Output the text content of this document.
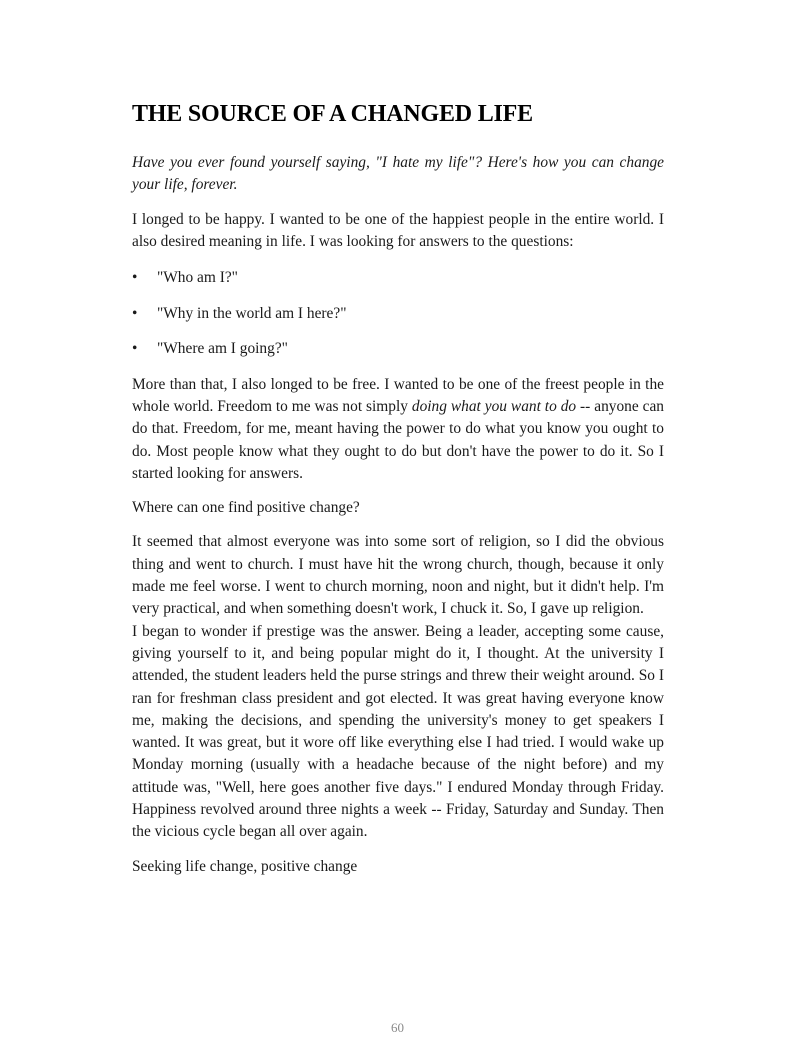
THE SOURCE OF A CHANGED LIFE

Have you ever found yourself saying, "I hate my life"? Here's how you can change your life, forever.

I longed to be happy. I wanted to be one of the happiest people in the entire world. I also desired meaning in life. I was looking for answers to the questions:

• "Who am I?"
• "Why in the world am I here?"
• "Where am I going?"

More than that, I also longed to be free. I wanted to be one of the freest people in the whole world. Freedom to me was not simply doing what you want to do -- anyone can do that. Freedom, for me, meant having the power to do what you know you ought to do. Most people know what they ought to do but don't have the power to do it. So I started looking for answers.

Where can one find positive change?

It seemed that almost everyone was into some sort of religion, so I did the obvious thing and went to church. I must have hit the wrong church, though, because it only made me feel worse. I went to church morning, noon and night, but it didn't help. I'm very practical, and when something doesn't work, I chuck it. So, I gave up religion.

I began to wonder if prestige was the answer. Being a leader, accepting some cause, giving yourself to it, and being popular might do it, I thought. At the university I attended, the student leaders held the purse strings and threw their weight around. So I ran for freshman class president and got elected. It was great having everyone know me, making the decisions, and spending the university's money to get speakers I wanted. It was great, but it wore off like everything else I had tried. I would wake up Monday morning (usually with a headache because of the night before) and my attitude was, "Well, here goes another five days." I endured Monday through Friday. Happiness revolved around three nights a week -- Friday, Saturday and Sunday. Then the vicious cycle began all over again.

Seeking life change, positive change

60
